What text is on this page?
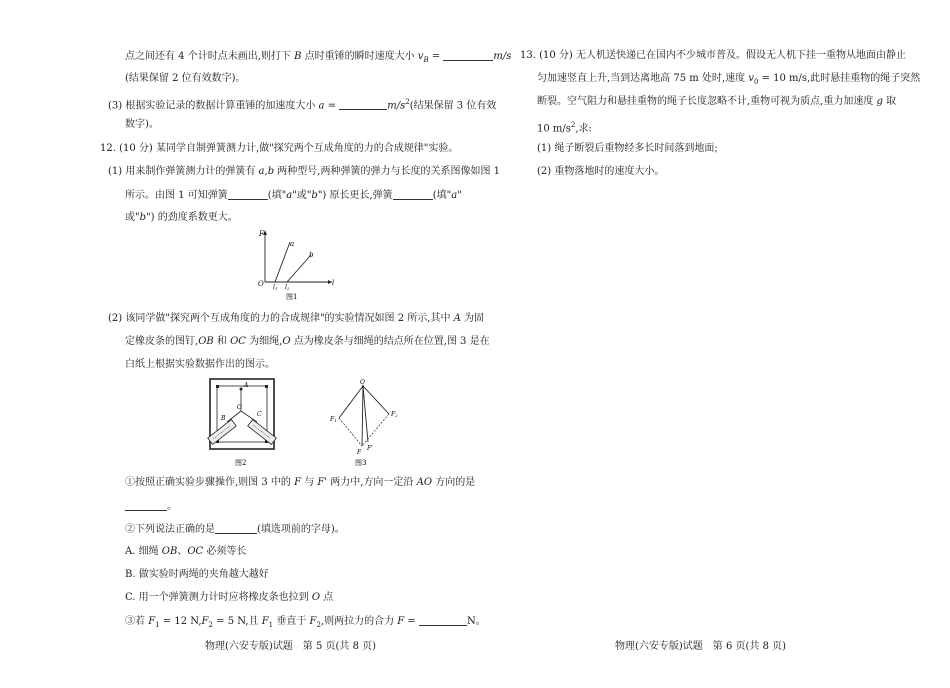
点之间还有 4 个计时点未画出,则打下 B 点时重锤的瞬时速度大小 $v_B$ =	m/s
(结果保留 2 位有效数字)。
(3) 根据实验记录的数据计算重锤的加速度大小 a =	$m/s^2$(结果保留 3 位有效
数字)。
12. (10 分) 某同学自制弹簧测力计,做"探究两个互成角度的力的合成规律"实验。
(1) 用来制作弹簧测力计的弹簧有 a,b 两种型号,两种弹簧的弹力与长度的关系图像如图 1
所示。由图 1 可知弹簧	(填"a"或"b") 原长更长,弹簧	(填"a"
或"b") 的劲度系数更大。
F
O
a
b
l
l1 l2
图1
(2) 该同学做"探究两个互成角度的力的合成规律"的实验情况如图 2 所示,其中 A 为固
定橡皮条的图钉,OB 和 OC 为细绳,O 点为橡皮条与细绳的结点所在位置,图 3 是在
白纸上根据实验数据作出的图示。
A
O
B
C
图2
O
F1
F2
F
F'
图3
①按照正确实验步骤操作,则图 3 中的 F 与 F' 两力中,方向一定沿 AO 方向的是
。
②下列说法正确的是	(填选项前的字母)。
A. 细绳 OB、OC 必须等长
B. 做实验时两绳的夹角越大越好
C. 用一个弹簧测力计时应将橡皮条也拉到 O 点
③若 $F_1 = 12$ $N,F_2 = 5$ N,且 $F_1$ 垂直于 $F_2$,则两拉力的合力 F =	N。
物理(六安专版)试题　第 5 页(共 8 页)
13. (10 分) 无人机送快递已在国内不少城市普及。假设无人机下挂一重物从地面由静止
匀加速竖直上升,当到达离地高 75 m 处时,速度 $v_0 = 10$ m/s,此时悬挂重物的绳子突然
断裂。空气阻力和悬挂重物的绳子长度忽略不计,重物可视为质点,重力加速度 g 取
10 $m/s^2$,求:
(1) 绳子断裂后重物经多长时间落到地面;
(2) 重物落地时的速度大小。
物理(六安专版)试题　第 6 页(共 8 页)
